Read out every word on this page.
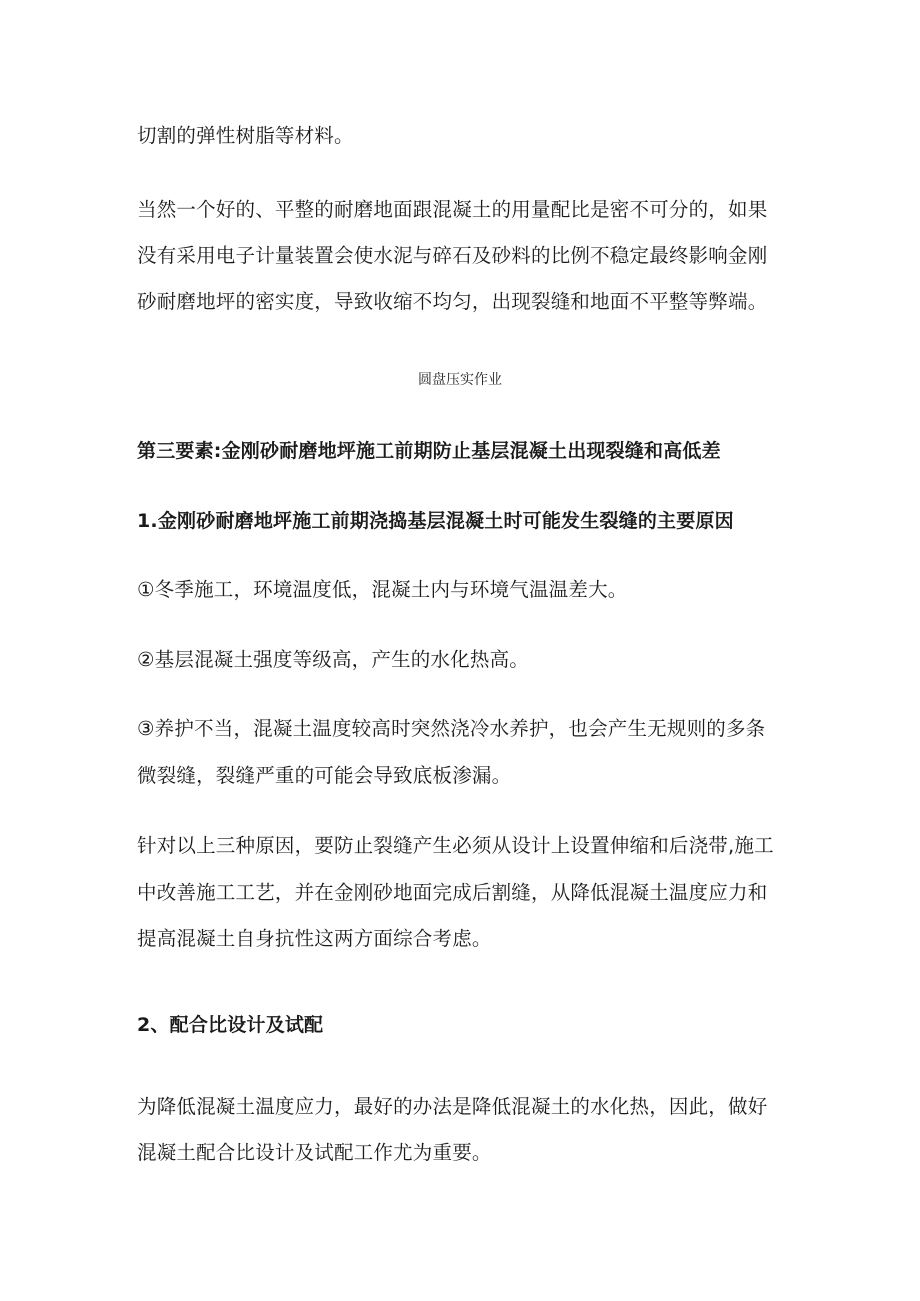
切割的弹性树脂等材料。
当然一个好的、平整的耐磨地面跟混凝土的用量配比是密不可分的，如果
没有采用电子计量装置会使水泥与碎石及砂料的比例不稳定最终影响金刚
砂耐磨地坪的密实度，导致收缩不均匀，出现裂缝和地面不平整等弊端。
圆盘压实作业
第三要素:金刚砂耐磨地坪施工前期防止基层混凝土出现裂缝和高低差
1.金刚砂耐磨地坪施工前期浇捣基层混凝土时可能发生裂缝的主要原因
①冬季施工，环境温度低，混凝土内与环境气温温差大。
②基层混凝土强度等级高，产生的水化热高。
③养护不当，混凝土温度较高时突然浇冷水养护，也会产生无规则的多条
微裂缝，裂缝严重的可能会导致底板渗漏。
针对以上三种原因，要防止裂缝产生必须从设计上设置伸缩和后浇带,施工
中改善施工工艺，并在金刚砂地面完成后割缝，从降低混凝土温度应力和
提高混凝土自身抗性这两方面综合考虑。
2、配合比设计及试配
为降低混凝土温度应力，最好的办法是降低混凝土的水化热，因此，做好
混凝土配合比设计及试配工作尤为重要。
